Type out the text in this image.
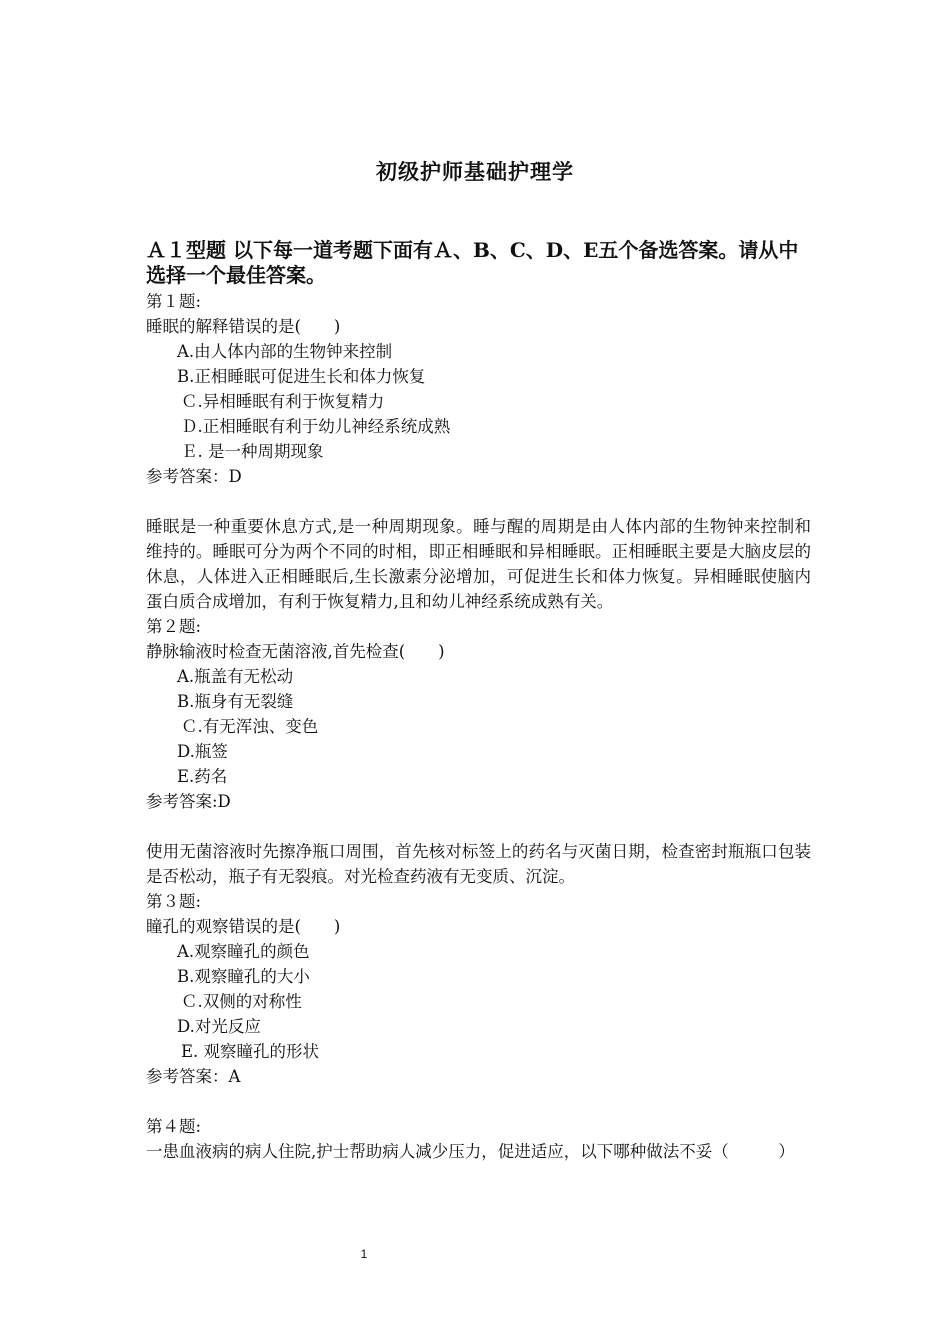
初级护师基础护理学
Ａ１型题 以下每一道考题下面有Ａ、B、C、D、E五个备选答案。请从中选择一个最佳答案。
第１题:
睡眠的解释错误的是(　　)
A.由人体内部的生物钟来控制
B.正相睡眠可促进生长和体力恢复
Ｃ.异相睡眠有利于恢复精力
Ｄ.正相睡眠有利于幼儿神经系统成熟
Ｅ. 是一种周期现象
参考答案：D
睡眠是一种重要休息方式,是一种周期现象。睡与醒的周期是由人体内部的生物钟来控制和维持的。睡眠可分为两个不同的时相，即正相睡眠和异相睡眠。正相睡眠主要是大脑皮层的休息，人体进入正相睡眠后,生长激素分泌增加，可促进生长和体力恢复。异相睡眠使脑内蛋白质合成增加，有利于恢复精力,且和幼儿神经系统成熟有关。
第２题:
静脉输液时检查无菌溶液,首先检查(　　)
A.瓶盖有无松动
B.瓶身有无裂缝
Ｃ.有无浑浊、变色
D.瓶签
E.药名
参考答案:D
使用无菌溶液时先擦净瓶口周围，首先核对标签上的药名与灭菌日期，检查密封瓶瓶口包装是否松动，瓶子有无裂痕。对光检查药液有无变质、沉淀。
第３题:
瞳孔的观察错误的是(　　)
A.观察瞳孔的颜色
B.观察瞳孔的大小
Ｃ.双侧的对称性
D.对光反应
E. 观察瞳孔的形状
参考答案：A
第４题:
一患血液病的病人住院,护士帮助病人减少压力，促进适应，以下哪种做法不妥（　　　）
1
